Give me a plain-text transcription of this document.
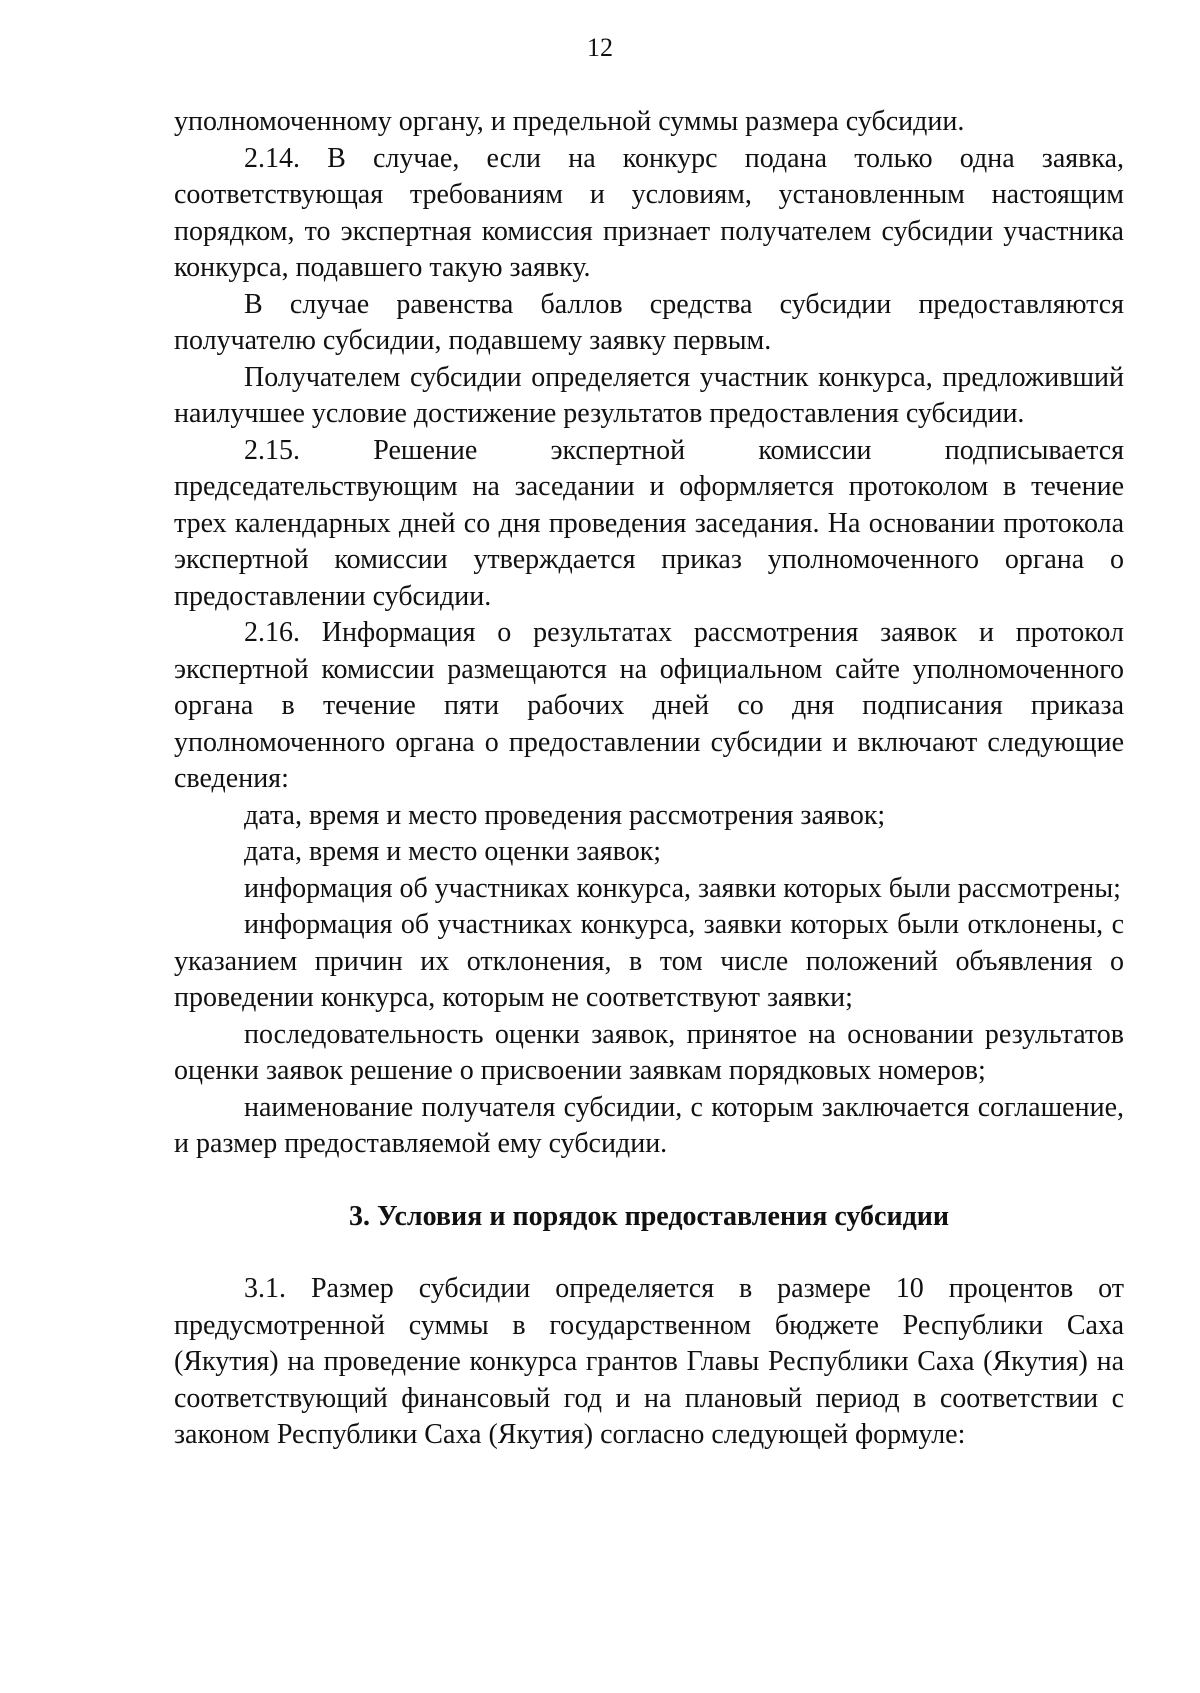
12

уполномоченному органу, и предельной суммы размера субсидии.

2.14. В случае, если на конкурс подана только одна заявка, соответствующая требованиям и условиям, установленным настоящим порядком, то экспертная комиссия признает получателем субсидии участника конкурса, подавшего такую заявку.

В случае равенства баллов средства субсидии предоставляются получателю субсидии, подавшему заявку первым.

Получателем субсидии определяется участник конкурса, предложивший наилучшее условие достижение результатов предоставления субсидии.

2.15. Решение экспертной комиссии подписывается председательствующим на заседании и оформляется протоколом в течение трех календарных дней со дня проведения заседания. На основании протокола экспертной комиссии утверждается приказ уполномоченного органа о предоставлении субсидии.

2.16. Информация о результатах рассмотрения заявок и протокол экспертной комиссии размещаются на официальном сайте уполномоченного органа в течение пяти рабочих дней со дня подписания приказа уполномоченного органа о предоставлении субсидии и включают следующие сведения:

дата, время и место проведения рассмотрения заявок;

дата, время и место оценки заявок;

информация об участниках конкурса, заявки которых были рассмотрены;

информация об участниках конкурса, заявки которых были отклонены, с указанием причин их отклонения, в том числе положений объявления о проведении конкурса, которым не соответствуют заявки;

последовательность оценки заявок, принятое на основании результатов оценки заявок решение о присвоении заявкам порядковых номеров;

наименование получателя субсидии, с которым заключается соглашение, и размер предоставляемой ему субсидии.

3. Условия и порядок предоставления субсидии

3.1. Размер субсидии определяется в размере 10 процентов от предусмотренной суммы в государственном бюджете Республики Саха (Якутия) на проведение конкурса грантов Главы Республики Саха (Якутия) на соответствующий финансовый год и на плановый период в соответствии с законом Республики Саха (Якутия) согласно следующей формуле:
